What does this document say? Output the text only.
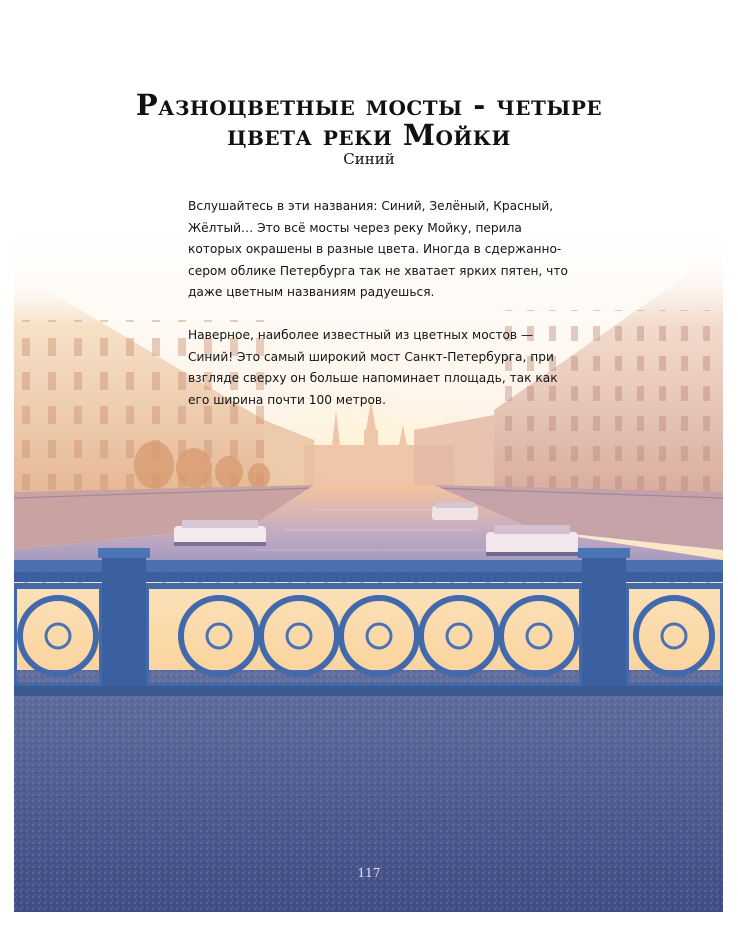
Разноцветные мосты - четыре
цвета реки Мойки
Синий

Вслушайтесь в эти названия: Синий, Зелёный, Красный,
Жёлтый… Это всё мосты через реку Мойку, перила
которых окрашены в разные цвета. Иногда в сдержанно-
сером облике Петербурга так не хватает ярких пятен, что
даже цветным названиям радуешься.

Наверное, наиболее известный из цветных мостов —
Синий! Это самый широкий мост Санкт-Петербурга, при
взгляде сверху он больше напоминает площадь, так как
его ширина почти 100 метров.

117
